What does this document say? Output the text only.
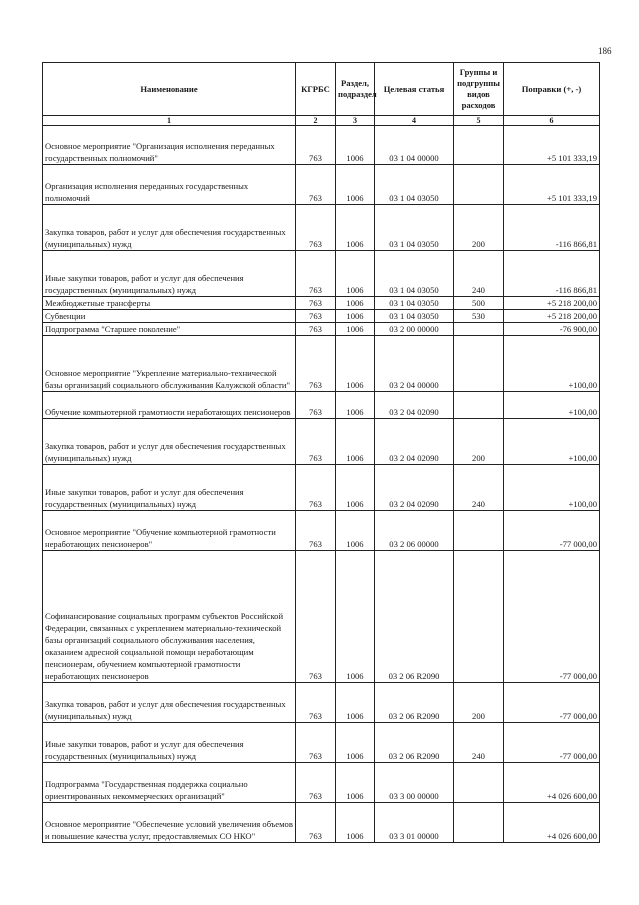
186
Наименование	КГРБС	Раздел, подраздел	Целевая статья	Группы и подгруппы видов расходов	Поправки (+, -)
1	2	3	4	5	6
Основное мероприятие "Организация исполнения переданных государственных полномочий"	763	1006	03 1 04 00000		+5 101 333,19
Организация исполнения переданных государственных полномочий	763	1006	03 1 04 03050		+5 101 333,19
Закупка товаров, работ и услуг для обеспечения государственных (муниципальных) нужд	763	1006	03 1 04 03050	200	-116 866,81
Иные закупки товаров, работ и услуг для обеспечения государственных (муниципальных) нужд	763	1006	03 1 04 03050	240	-116 866,81
Межбюджетные трансферты	763	1006	03 1 04 03050	500	+5 218 200,00
Субвенции	763	1006	03 1 04 03050	530	+5 218 200,00
Подпрограмма "Старшее поколение"	763	1006	03 2 00 00000		-76 900,00
Основное мероприятие "Укрепление материально-технической базы организаций социального обслуживания Калужской области"	763	1006	03 2 04 00000		+100,00
Обучение компьютерной грамотности неработающих пенсионеров	763	1006	03 2 04 02090		+100,00
Закупка товаров, работ и услуг для обеспечения государственных (муниципальных) нужд	763	1006	03 2 04 02090	200	+100,00
Иные закупки товаров, работ и услуг для обеспечения государственных (муниципальных) нужд	763	1006	03 2 04 02090	240	+100,00
Основное мероприятие "Обучение компьютерной грамотности неработающих пенсионеров"	763	1006	03 2 06 00000		-77 000,00
Софинансирование социальных программ субъектов Российской Федерации, связанных с укреплением материально-технической базы организаций социального обслуживания населения, оказанием адресной социальной помощи неработающим пенсионерам, обучением компьютерной грамотности неработающих пенсионеров	763	1006	03 2 06 R2090		-77 000,00
Закупка товаров, работ и услуг для обеспечения государственных (муниципальных) нужд	763	1006	03 2 06 R2090	200	-77 000,00
Иные закупки товаров, работ и услуг для обеспечения государственных (муниципальных) нужд	763	1006	03 2 06 R2090	240	-77 000,00
Подпрограмма "Государственная поддержка социально ориентированных некоммерческих организаций"	763	1006	03 3 00 00000		+4 026 600,00
Основное мероприятие "Обеспечение условий увеличения объемов и повышение качества услуг, предоставляемых СО НКО"	763	1006	03 3 01 00000		+4 026 600,00
